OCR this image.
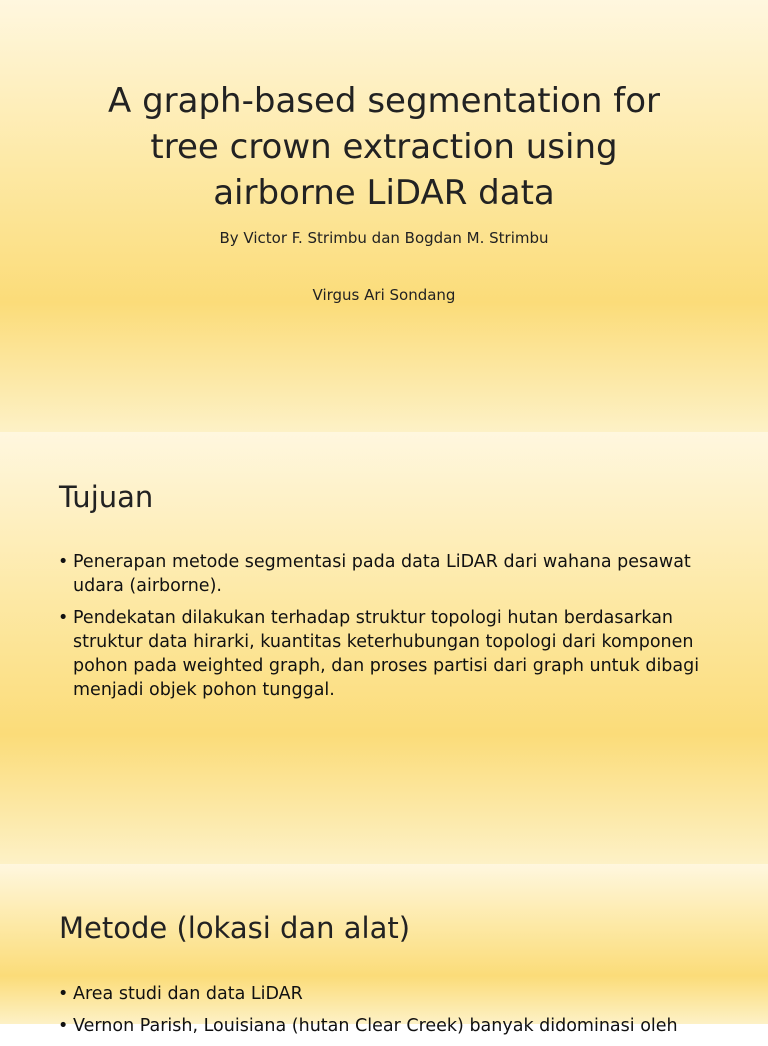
A graph-based segmentation for
tree crown extraction using
airborne LiDAR data
By Victor F. Strimbu dan Bogdan M. Strimbu
Virgus Ari Sondang
Tujuan
• Penerapan metode segmentasi pada data LiDAR dari wahana pesawat udara (airborne).
• Pendekatan dilakukan terhadap struktur topologi hutan berdasarkan struktur data hirarki, kuantitas keterhubungan topologi dari komponen pohon pada weighted graph, dan proses partisi dari graph untuk dibagi menjadi objek pohon tunggal.
Metode (lokasi dan alat)
• Area studi dan data LiDAR
• Vernon Parish, Louisiana (hutan Clear Creek) banyak didominasi oleh
